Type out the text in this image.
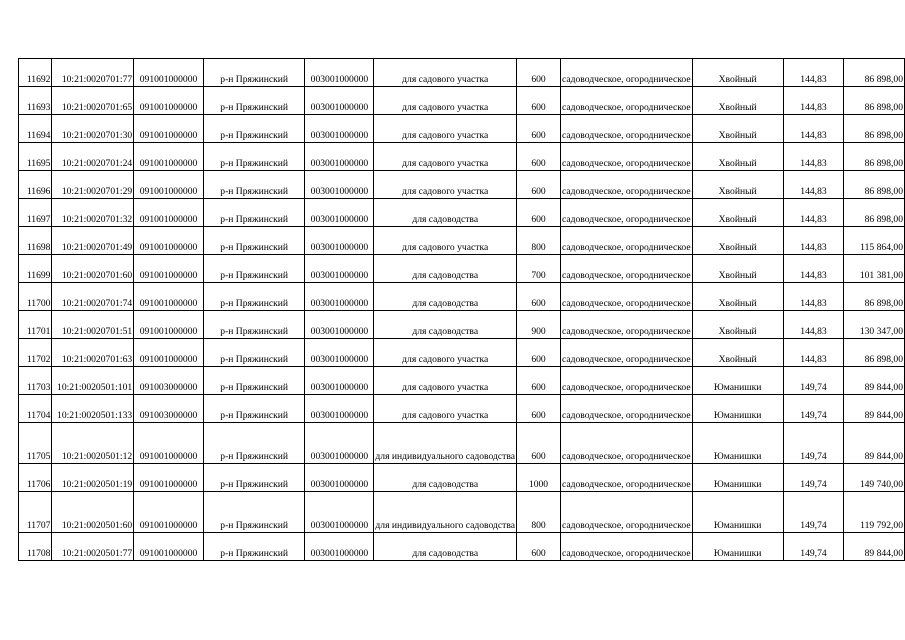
11692	10:21:0020701:77	091001000000	р-н Пряжинский	003001000000	для садового участка	600	садоводческое, огородническое	Хвойный	144,83	86 898,00
11693	10:21:0020701:65	091001000000	р-н Пряжинский	003001000000	для садового участка	600	садоводческое, огородническое	Хвойный	144,83	86 898,00
11694	10:21:0020701:30	091001000000	р-н Пряжинский	003001000000	для садового участка	600	садоводческое, огородническое	Хвойный	144,83	86 898,00
11695	10:21:0020701:24	091001000000	р-н Пряжинский	003001000000	для садового участка	600	садоводческое, огородническое	Хвойный	144,83	86 898,00
11696	10:21:0020701:29	091001000000	р-н Пряжинский	003001000000	для садового участка	600	садоводческое, огородническое	Хвойный	144,83	86 898,00
11697	10:21:0020701:32	091001000000	р-н Пряжинский	003001000000	для садоводства	600	садоводческое, огородническое	Хвойный	144,83	86 898,00
11698	10:21:0020701:49	091001000000	р-н Пряжинский	003001000000	для садового участка	800	садоводческое, огородническое	Хвойный	144,83	115 864,00
11699	10:21:0020701:60	091001000000	р-н Пряжинский	003001000000	для садоводства	700	садоводческое, огородническое	Хвойный	144,83	101 381,00
11700	10:21:0020701:74	091001000000	р-н Пряжинский	003001000000	для садоводства	600	садоводческое, огородническое	Хвойный	144,83	86 898,00
11701	10:21:0020701:51	091001000000	р-н Пряжинский	003001000000	для садоводства	900	садоводческое, огородническое	Хвойный	144,83	130 347,00
11702	10:21:0020701:63	091001000000	р-н Пряжинский	003001000000	для садового участка	600	садоводческое, огородническое	Хвойный	144,83	86 898,00
11703	10:21:0020501:101	091003000000	р-н Пряжинский	003001000000	для садового участка	600	садоводческое, огородническое	Юманишки	149,74	89 844,00
11704	10:21:0020501:133	091003000000	р-н Пряжинский	003001000000	для садового участка	600	садоводческое, огородническое	Юманишки	149,74	89 844,00
11705	10:21:0020501:12	091001000000	р-н Пряжинский	003001000000	для индивидуального садоводства	600	садоводческое, огородническое	Юманишки	149,74	89 844,00
11706	10:21:0020501:19	091001000000	р-н Пряжинский	003001000000	для садоводства	1000	садоводческое, огородническое	Юманишки	149,74	149 740,00
11707	10:21:0020501:60	091001000000	р-н Пряжинский	003001000000	для индивидуального садоводства	800	садоводческое, огородническое	Юманишки	149,74	119 792,00
11708	10:21:0020501:77	091001000000	р-н Пряжинский	003001000000	для садоводства	600	садоводческое, огородническое	Юманишки	149,74	89 844,00
